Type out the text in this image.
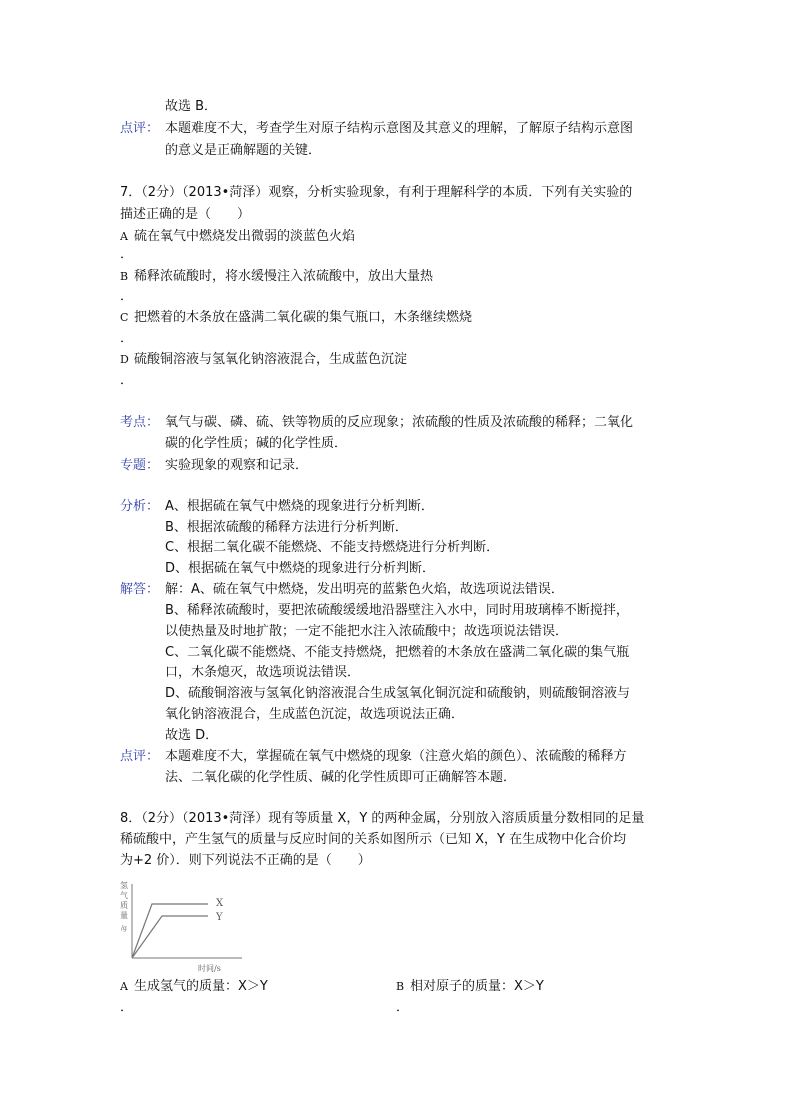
故选 B．
点评： 本题难度不大，考查学生对原子结构示意图及其意义的理解，了解原子结构示意图
的意义是正确解题的关键．
7．（2分）（2013•菏泽）观察，分析实验现象，有利于理解科学的本质．下列有关实验的
描述正确的是（　　）
A 硫在氧气中燃烧发出微弱的淡蓝色火焰
．
B 稀释浓硫酸时，将水缓慢注入浓硫酸中，放出大量热
．
C 把燃着的木条放在盛满二氧化碳的集气瓶口，木条继续燃烧
．
D 硫酸铜溶液与氢氧化钠溶液混合，生成蓝色沉淀
．
考点： 氧气与碳、磷、硫、铁等物质的反应现象；浓硫酸的性质及浓硫酸的稀释；二氧化
碳的化学性质；碱的化学性质．
专题： 实验现象的观察和记录．
分析： A、根据硫在氧气中燃烧的现象进行分析判断．
B、根据浓硫酸的稀释方法进行分析判断．
C、根据二氧化碳不能燃烧、不能支持燃烧进行分析判断．
D、根据硫在氧气中燃烧的现象进行分析判断．
解答： 解：A、硫在氧气中燃烧，发出明亮的蓝紫色火焰，故选项说法错误．
B、稀释浓硫酸时，要把浓硫酸缓缓地沿器壁注入水中，同时用玻璃棒不断搅拌，
以使热量及时地扩散；一定不能把水注入浓硫酸中；故选项说法错误．
C、二氧化碳不能燃烧、不能支持燃烧，把燃着的木条放在盛满二氧化碳的集气瓶
口，木条熄灭，故选项说法错误．
D、硫酸铜溶液与氢氧化钠溶液混合生成氢氧化铜沉淀和硫酸钠，则硫酸铜溶液与
氧化钠溶液混合，生成蓝色沉淀，故选项说法正确．
故选 D．
点评： 本题难度不大，掌握硫在氧气中燃烧的现象（注意火焰的颜色）、浓硫酸的稀释方
法、二氧化碳的化学性质、碱的化学性质即可正确解答本题．
8．（2分）（2013•菏泽）现有等质量 X，Y 的两种金属，分别放入溶质质量分数相同的足量
稀硫酸中，产生氢气的质量与反应时间的关系如图所示（已知 X，Y 在生成物中化合价均
为+2 价）．则下列说法不正确的是（　　）
氢
气
质
量
/g
X
Y
时间/s
A 生成氢气的质量：X＞Y
．
B 相对原子的质量：X＞Y
．
